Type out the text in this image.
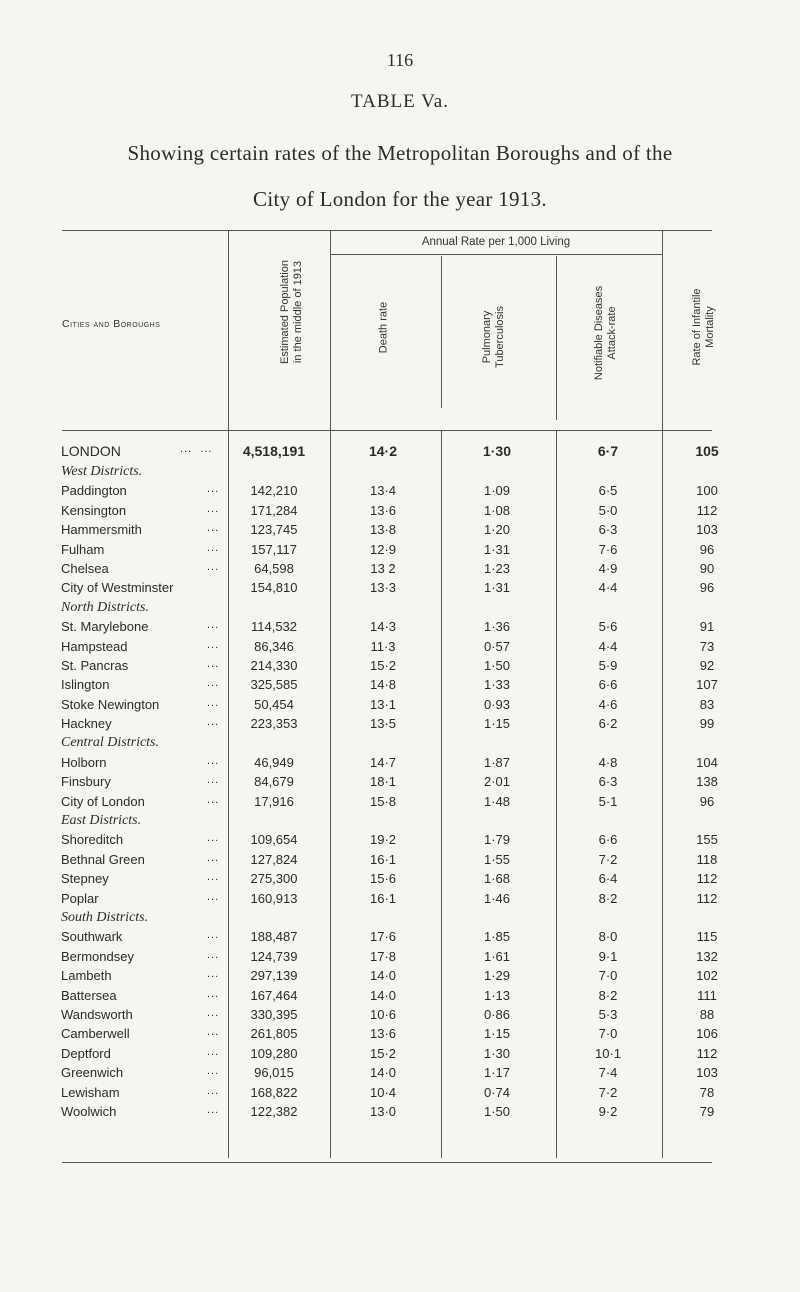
116
TABLE Va.
Showing certain rates of the Metropolitan Boroughs and of the
City of London for the year 1913.
Cities and Boroughs	Estimated Population in the middle of 1913
Annual Rate per 1,000 Living
Death rate	Pulmonary Tuberculosis	Notifiable Diseases Attack-rate	Rate of Infantile Mortality
LONDON	...  ...	4,518,191	14·2	1·30	6·7	105
West Districts.
Paddington	142,210	13·4	1·09	6·5	100
...
Kensington	171,284	13·6	1·08	5·0	112
...
Hammersmith	123,745	13·8	1·20	6·3	103
...
Fulham	157,117	12·9	1·31	7·6	96
...
Chelsea	64,598	13 2	1·23	4·9	90
...
City of Westminster	154,810	13·3	1·31	4·4	96
North Districts.
St. Marylebone	114,532	14·3	1·36	5·6	91
...
Hampstead	86,346	11·3	0·57	4·4	73
...
St. Pancras	214,330	15·2	1·50	5·9	92
...
Islington	325,585	14·8	1·33	6·6	107
...
Stoke Newington	50,454	13·1	0·93	4·6	83
...
Hackney	223,353	13·5	1·15	6·2	99
...
Central Districts.
Holborn	46,949	14·7	1·87	4·8	104
...
Finsbury	84,679	18·1	2·01	6·3	138
...
City of London	17,916	15·8	1·48	5·1	96
...
East Districts.
Shoreditch	109,654	19·2	1·79	6·6	155
...
Bethnal Green	127,824	16·1	1·55	7·2	118
...
Stepney	275,300	15·6	1·68	6·4	112
...
Poplar	160,913	16·1	1·46	8·2	112
...
South Districts.
Southwark	188,487	17·6	1·85	8·0	115
...
Bermondsey	124,739	17·8	1·61	9·1	132
...
Lambeth	297,139	14·0	1·29	7·0	102
...
Battersea	167,464	14·0	1·13	8·2	111
...
Wandsworth	330,395	10·6	0·86	5·3	88
...
Camberwell	261,805	13·6	1·15	7·0	106
...
Deptford	109,280	15·2	1·30	10·1	112
...
Greenwich	96,015	14·0	1·17	7·4	103
...
Lewisham	168,822	10·4	0·74	7·2	78
...
Woolwich	122,382	13·0	1·50	9·2	79
...
